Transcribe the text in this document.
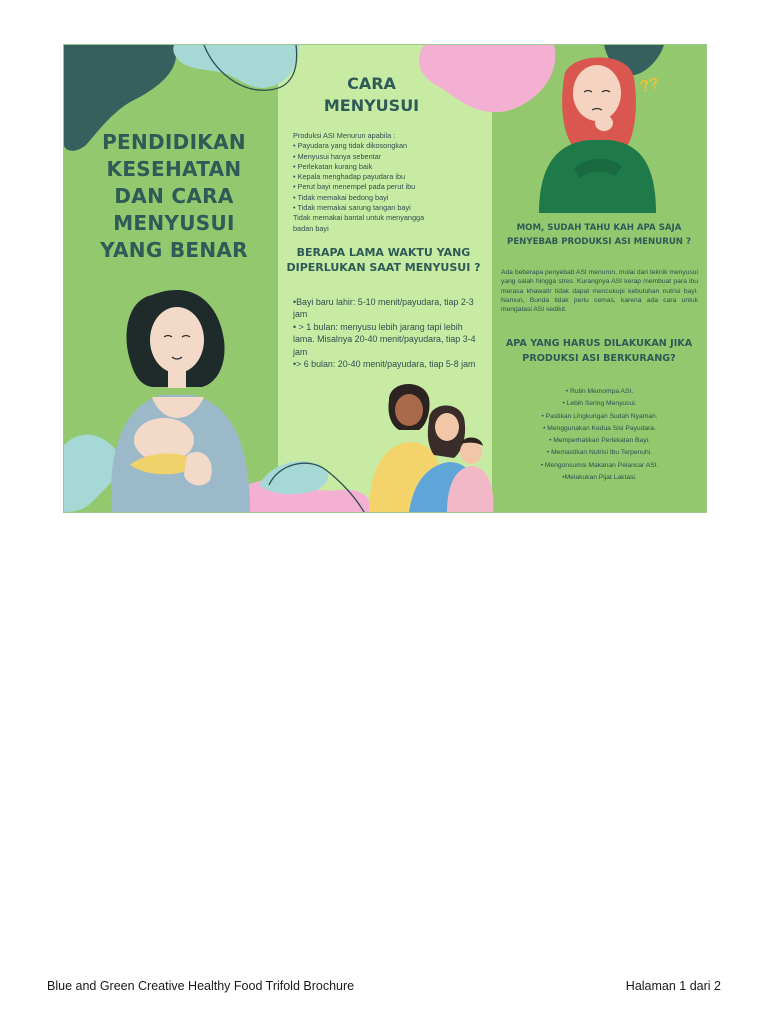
??
PENDIDIKAN KESEHATAN DAN CARA MENYUSUI YANG BENAR
CARA
MENYUSUI
Produksi ASI Menurun apabila :
• Payudara yang tidak dikosongkan
• Menyusui hanya sebentar
• Perlekatan kurang baik
• Kepala menghadap payudara ibu
• Perut bayi menempel pada perut ibu
• Tidak memakai bedong bayi
• Tidak memakai sarung tangan bayi
Tidak memakai bantal untuk menyangga
badan bayi
BERAPA LAMA WAKTU YANG DIPERLUKAN SAAT MENYUSUI ?

•Bayi baru lahir: 5-10 menit/payudara, tiap 2-3 jam

• > 1 bulan: menyusu lebih jarang tapi lebih lama. Misalnya 20-40 menit/payudara, tiap 3-4 jam

•> 6 bulan: 20-40 menit/payudara, tiap 5-8 jam

MOM, SUDAH TAHU KAH APA SAJA PENYEBAB PRODUKSI ASI MENURUN ?
Ada beberapa penyebab ASI menurun, mulai dari teknik menyusui yang salah hingga stres. Kurangnya ASI kerap membuat para ibu merasa khawatir tidak dapat mencukupi kebutuhan nutrisi bayi. Namun, Bunda tidak perlu cemas, karena ada cara untuk mengatasi ASI sedikit.
APA YANG HARUS DILAKUKAN JIKA PRODUKSI ASI BERKURANG?
• Rutin Memompa ASI.
• Lebih Sering Menyusui.
• Pastikan Lingkungan Sudah Nyaman.
• Menggunakan Kedua Sisi Payudara.
• Memperhatikan Perlekatan Bayi.
• Memastikan Nutrisi Ibu Terpenuhi.
• Mengonsumsi Makanan Pelancar ASI.
•Melakukan Pijat Laktasi.
Blue and Green Creative Healthy Food Trifold Brochure	Halaman 1 dari 2
